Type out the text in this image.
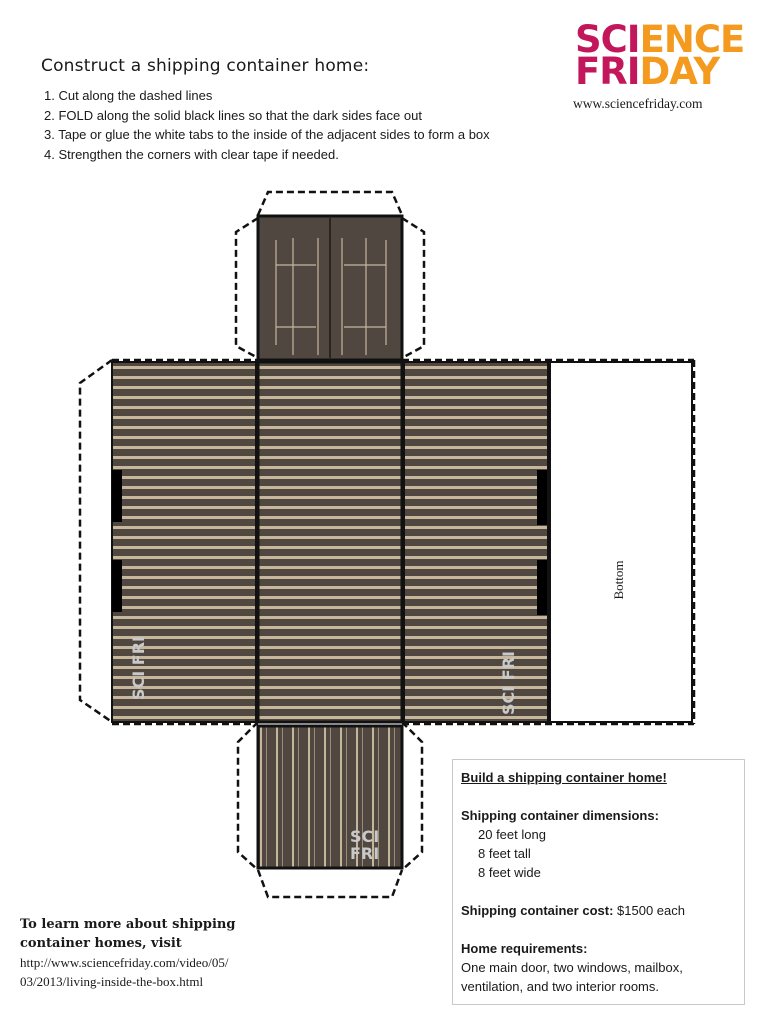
Construct a shipping container home:
1. Cut along the dashed lines
2. FOLD along the solid black lines so that the dark sides face out
3. Tape or glue the white tabs to the inside of the adjacent sides to form a box
4. Strengthen the corners with clear tape if needed.
SCIENCE
FRIDAY
www.sciencefriday.com
SCI FRI	SCI FRI
SCI
FRI
Bottom
Build a shipping container home!
Shipping container dimensions:
20 feet long
8 feet tall
8 feet wide
Shipping container cost: $1500 each
Home requirements:
One main door, two windows, mailbox, ventilation, and two interior rooms.
To learn more about shipping
container homes, visit
http://www.sciencefriday.com/video/05/
03/2013/living-inside-the-box.html
